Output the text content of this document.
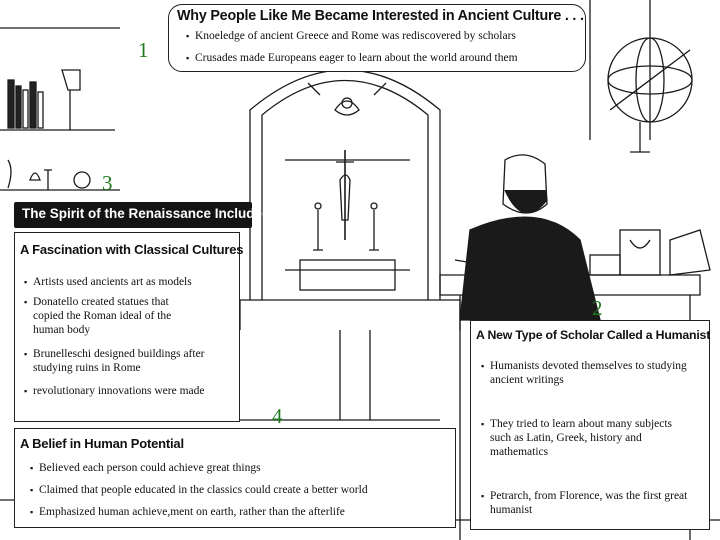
1
3
2
4
Why People Like Me Became Interested in Ancient Culture . . .
▪ Knoeledge of ancient Greece and Rome was rediscovered by scholars
▪ Crusades made Europeans eager to learn about the world around them
The Spirit of the Renaissance Included . . .
A Fascination with Classical Cultures
▪ Artists used ancients art as models
▪ Donatello created statues that copied the Roman ideal of the human body
▪ Brunelleschi designed buildings after studying ruins in Rome
▪ revolutionary innovations were made
A New Type of Scholar Called a Humanist
▪ Humanists devoted themselves to studying ancient writings
▪ They tried to learn about many subjects such as Latin, Greek, history and mathematics
▪ Petrarch, from Florence, was the first great humanist
A Belief in Human Potential
▪ Believed each person could achieve great things
▪ Claimed that people educated in the classics could create a better world
▪ Emphasized human achieve,ment on earth, rather than the afterlife
